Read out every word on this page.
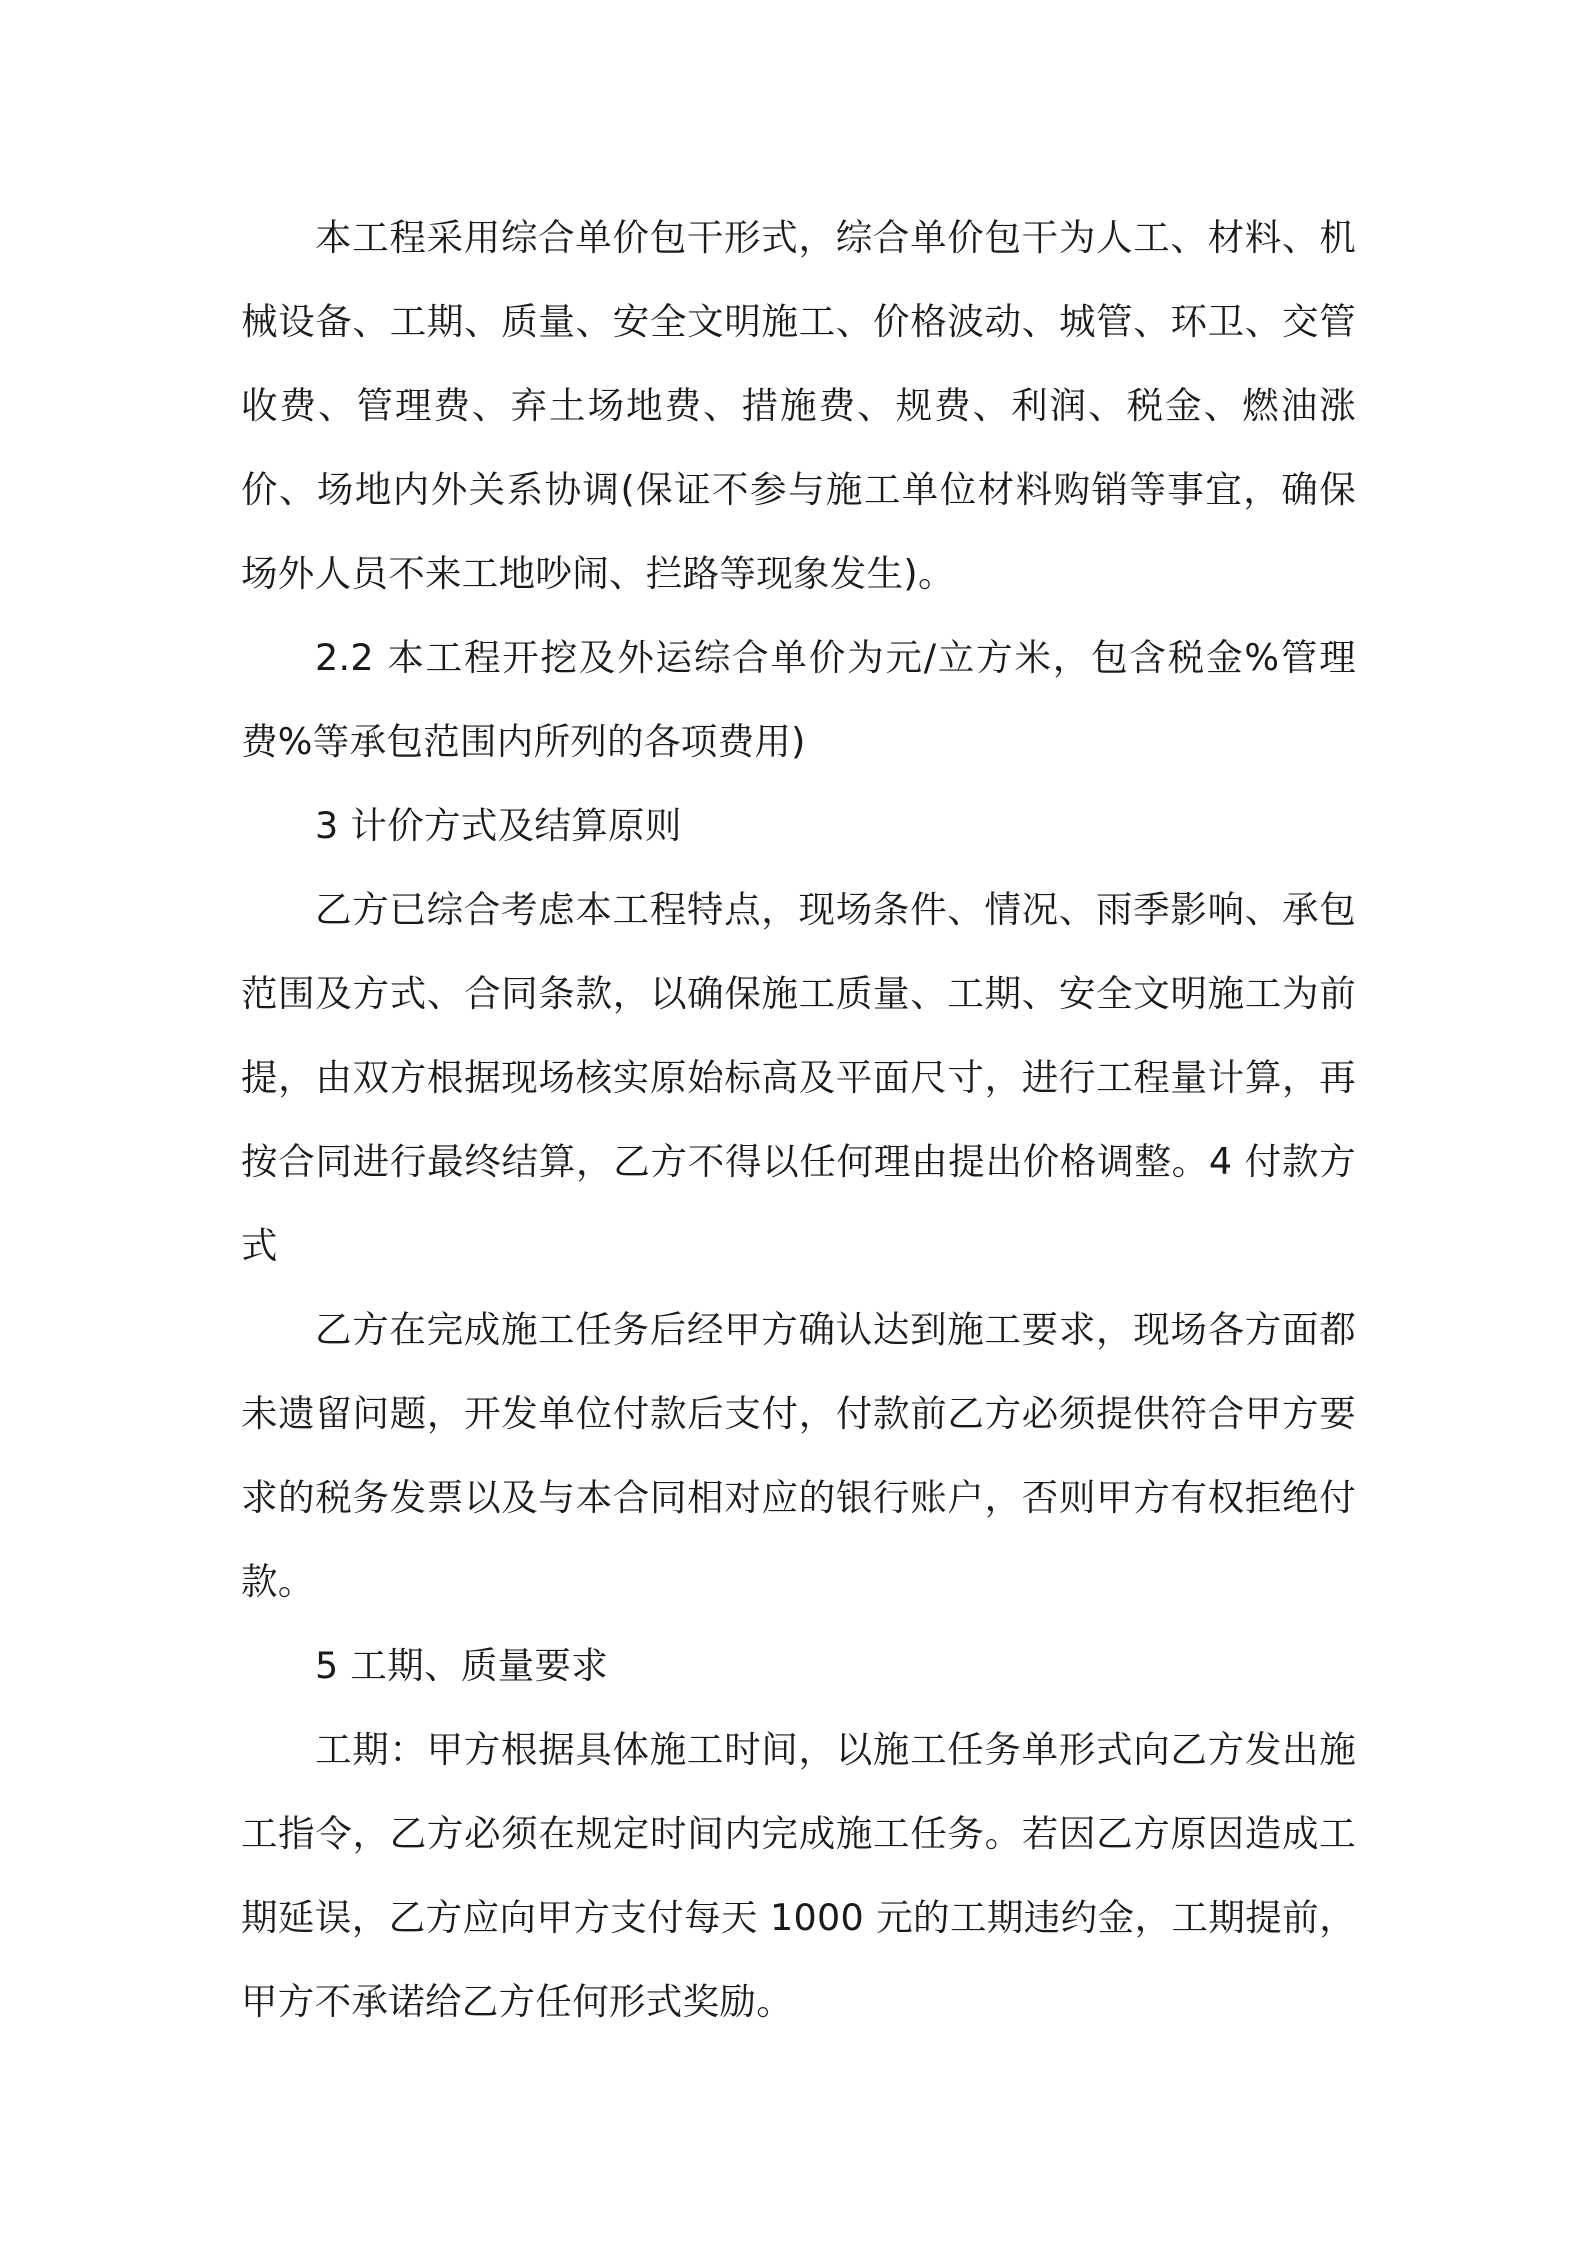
本工程采用综合单价包干形式，综合单价包干为人工、材料、机械设备、工期、质量、安全文明施工、价格波动、城管、环卫、交管收费、管理费、弃土场地费、措施费、规费、利润、税金、燃油涨价、场地内外关系协调(保证不参与施工单位材料购销等事宜，确保场外人员不来工地吵闹、拦路等现象发生)。

2.2 本工程开挖及外运综合单价为元/立方米，包含税金%管理费%等承包范围内所列的各项费用)

3 计价方式及结算原则

乙方已综合考虑本工程特点，现场条件、情况、雨季影响、承包范围及方式、合同条款，以确保施工质量、工期、安全文明施工为前提，由双方根据现场核实原始标高及平面尺寸，进行工程量计算，再按合同进行最终结算，乙方不得以任何理由提出价格调整。4 付款方式

乙方在完成施工任务后经甲方确认达到施工要求，现场各方面都未遗留问题，开发单位付款后支付，付款前乙方必须提供符合甲方要求的税务发票以及与本合同相对应的银行账户，否则甲方有权拒绝付款。

5 工期、质量要求

工期：甲方根据具体施工时间，以施工任务单形式向乙方发出施工指令，乙方必须在规定时间内完成施工任务。若因乙方原因造成工期延误，乙方应向甲方支付每天 1000 元的工期违约金，工期提前，甲方不承诺给乙方任何形式奖励。
